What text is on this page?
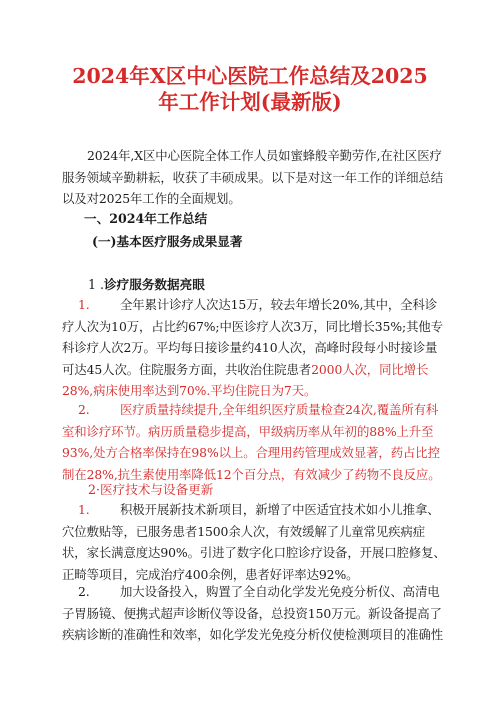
2024年X区中心医院工作总结及2025
年工作计划(最新版)

2024年,X区中心医院全体工作人员如蜜蜂般辛勤劳作,在社区医疗服务领域辛勤耕耘，收获了丰硕成果。以下是对这一年工作的详细总结以及对2025年工作的全面规划。

一、2024年工作总结

(一)基本医疗服务成果显著

1 .诊疗服务数据亮眼

1. 全年累计诊疗人次达15万，较去年增长20%,其中，全科诊疗人次为10万，占比约67%;中医诊疗人次3万，同比增长35%;其他专科诊疗人次2万。平均每日接诊量约410人次，高峰时段每小时接诊量可达45人次。住院服务方面，共收治住院患者2000人次，同比增长28%,病床使用率达到70%.平均住院日为7天。

2. 医疗质量持续提升,全年组织医疗质量检查24次,覆盖所有科室和诊疗环节。病历质量稳步提高，甲级病历率从年初的88%上升至93%,处方合格率保持在98%以上。合理用药管理成效显著，药占比控制在28%,抗生素使用率降低12个百分点，有效减少了药物不良反应。

2·医疗技术与设备更新

1. 积极开展新技术新项目，新增了中医适宜技术如小儿推拿、穴位敷贴等，已服务患者1500余人次，有效缓解了儿童常见疾病症状，家长满意度达90%。引进了数字化口腔诊疗设备，开展口腔修复、正畸等项目，完成治疗400余例，患者好评率达92%。

2. 加大设备投入，购置了全自动化学发光免疫分析仪、高清电子胃肠镜、便携式超声诊断仪等设备，总投资150万元。新设备提高了疾病诊断的准确性和效率，如化学发光免疫分析仪使检测项目的准确性
